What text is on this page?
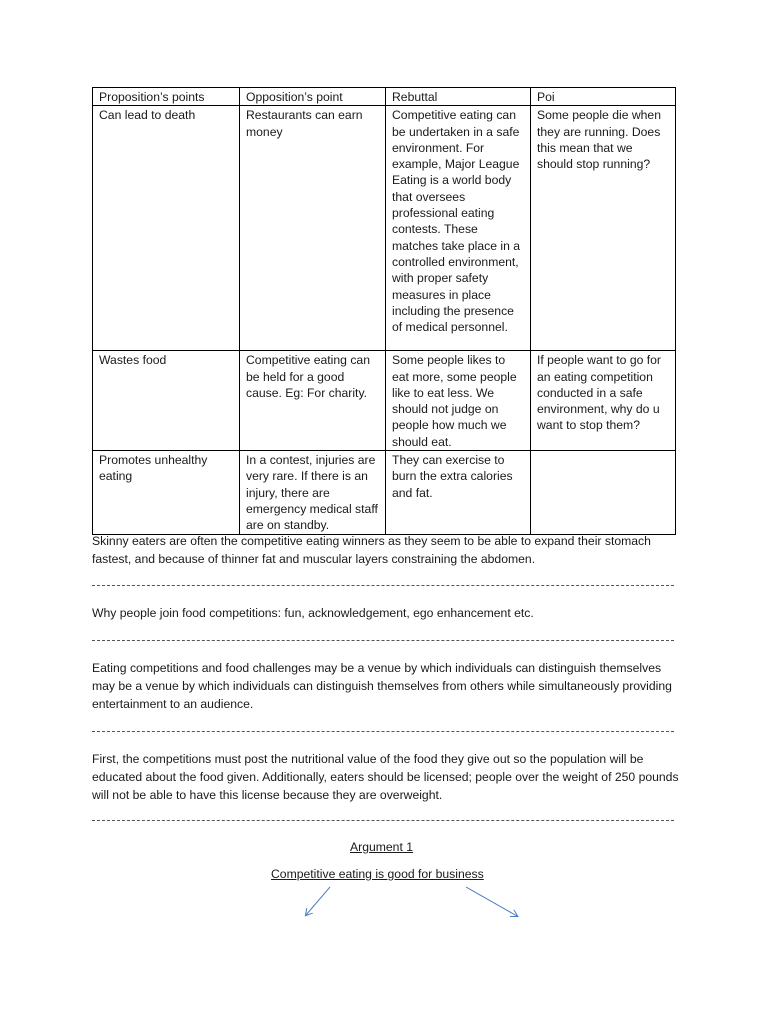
Proposition’s points	Opposition’s point	Rebuttal	Poi
Can lead to death	Restaurants can earn money	Competitive eating can be undertaken in a safe environment. For example, Major League Eating is a world body that oversees professional eating contests. These matches take place in a controlled environment, with proper safety measures in place including the presence of medical personnel.	Some people die when they are running. Does this mean that we should stop running?
Wastes food	Competitive eating can be held for a good cause. Eg: For charity.	Some people likes to eat more, some people like to eat less. We should not judge on people how much we should eat.	If people want to go for an eating competition conducted in a safe environment, why do u want to stop them?
Promotes unhealthy eating	In a contest, injuries are very rare. If there is an injury, there are emergency medical staff are on standby.	They can exercise to burn the extra calories and fat.	

Skinny eaters are often the competitive eating winners as they seem to be able to expand their stomach fastest, and because of thinner fat and muscular layers constraining the abdomen.

Why people join food competitions: fun, acknowledgement, ego enhancement etc.

Eating competitions and food challenges may be a venue by which individuals can distinguish themselves may be a venue by which individuals can distinguish themselves from others while simultaneously providing entertainment to an audience.

First, the competitions must post the nutritional value of the food they give out so the population will be educated about the food given. Additionally, eaters should be licensed; people over the weight of 250 pounds will not be able to have this license because they are overweight.

Argument 1

Competitive eating is good for business
